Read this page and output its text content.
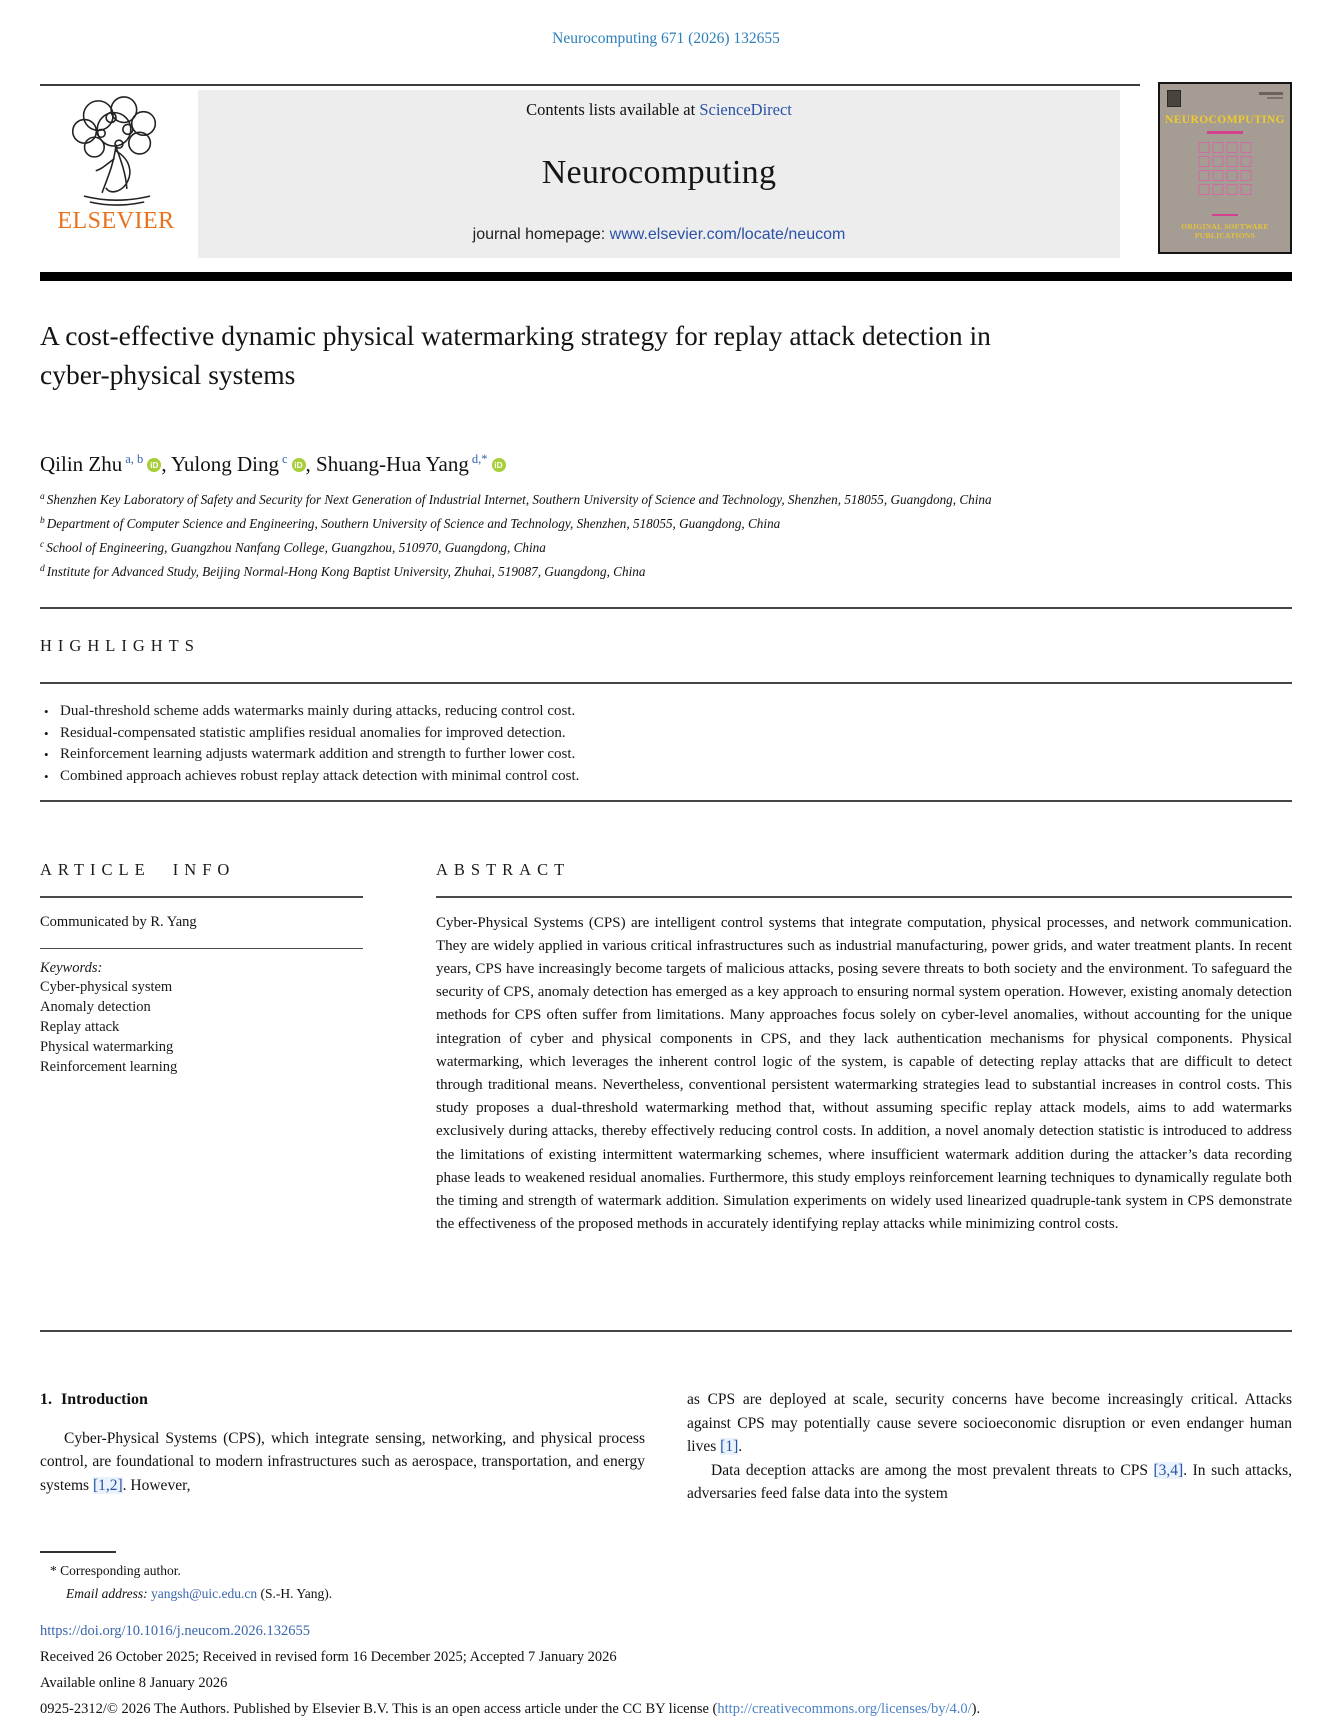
Neurocomputing 671 (2026) 132655
ELSEVIER
Contents lists available at ScienceDirect
Neurocomputing
journal homepage: www.elsevier.com/locate/neucom
NEUROCOMPUTING
ORIGINAL SOFTWARE
PUBLICATIONS
A cost-effective dynamic physical watermarking strategy for replay attack detection in cyber-physical systems
Qilin Zhu $^{a, b}$ iD , Yulong Ding $^c$ iD , Shuang-Hua Yang $^{d,*}$ iD
$^a$ Shenzhen Key Laboratory of Safety and Security for Next Generation of Industrial Internet, Southern University of Science and Technology, Shenzhen, 518055, Guangdong, China
$^b$ Department of Computer Science and Engineering, Southern University of Science and Technology, Shenzhen, 518055, Guangdong, China
$^c$ School of Engineering, Guangzhou Nanfang College, Guangzhou, 510970, Guangdong, China
$^d$ Institute for Advanced Study, Beijing Normal-Hong Kong Baptist University, Zhuhai, 519087, Guangdong, China
HIGHLIGHTS
• Dual-threshold scheme adds watermarks mainly during attacks, reducing control cost.
• Residual-compensated statistic amplifies residual anomalies for improved detection.
• Reinforcement learning adjusts watermark addition and strength to further lower cost.
• Combined approach achieves robust replay attack detection with minimal control cost.
ARTICLE INFO
Communicated by R. Yang
Keywords:
Cyber-physical system
Anomaly detection
Replay attack
Physical watermarking
Reinforcement learning
ABSTRACT
Cyber-Physical Systems (CPS) are intelligent control systems that integrate computation, physical processes, and network communication. They are widely applied in various critical infrastructures such as industrial manufacturing, power grids, and water treatment plants. In recent years, CPS have increasingly become targets of malicious attacks, posing severe threats to both society and the environment. To safeguard the security of CPS, anomaly detection has emerged as a key approach to ensuring normal system operation. However, existing anomaly detection methods for CPS often suffer from limitations. Many approaches focus solely on cyber-level anomalies, without accounting for the unique integration of cyber and physical components in CPS, and they lack authentication mechanisms for physical components. Physical watermarking, which leverages the inherent control logic of the system, is capable of detecting replay attacks that are difficult to detect through traditional means. Nevertheless, conventional persistent watermarking strategies lead to substantial increases in control costs. This study proposes a dual-threshold watermarking method that, without assuming specific replay attack models, aims to add watermarks exclusively during attacks, thereby effectively reducing control costs. In addition, a novel anomaly detection statistic is introduced to address the limitations of existing intermittent watermarking schemes, where insufficient watermark addition during the attacker’s data recording phase leads to weakened residual anomalies. Furthermore, this study employs reinforcement learning techniques to dynamically regulate both the timing and strength of watermark addition. Simulation experiments on widely used linearized quadruple-tank system in CPS demonstrate the effectiveness of the proposed methods in accurately identifying replay attacks while minimizing control costs.
1. Introduction

Cyber-Physical Systems (CPS), which integrate sensing, networking, and physical process control, are foundational to modern infrastructures such as aerospace, transportation, and energy systems [1,2]. However,

as CPS are deployed at scale, security concerns have become increasingly critical. Attacks against CPS may potentially cause severe socioeconomic disruption or even endanger human lives [1].

Data deception attacks are among the most prevalent threats to CPS [3,4]. In such attacks, adversaries feed false data into the system

* Corresponding author.
Email address: yangsh@uic.edu.cn (S.-H. Yang).
https://doi.org/10.1016/j.neucom.2026.132655
Received 26 October 2025; Received in revised form 16 December 2025; Accepted 7 January 2026
Available online 8 January 2026
0925-2312/© 2026 The Authors. Published by Elsevier B.V. This is an open access article under the CC BY license (http://creativecommons.org/licenses/by/4.0/).
